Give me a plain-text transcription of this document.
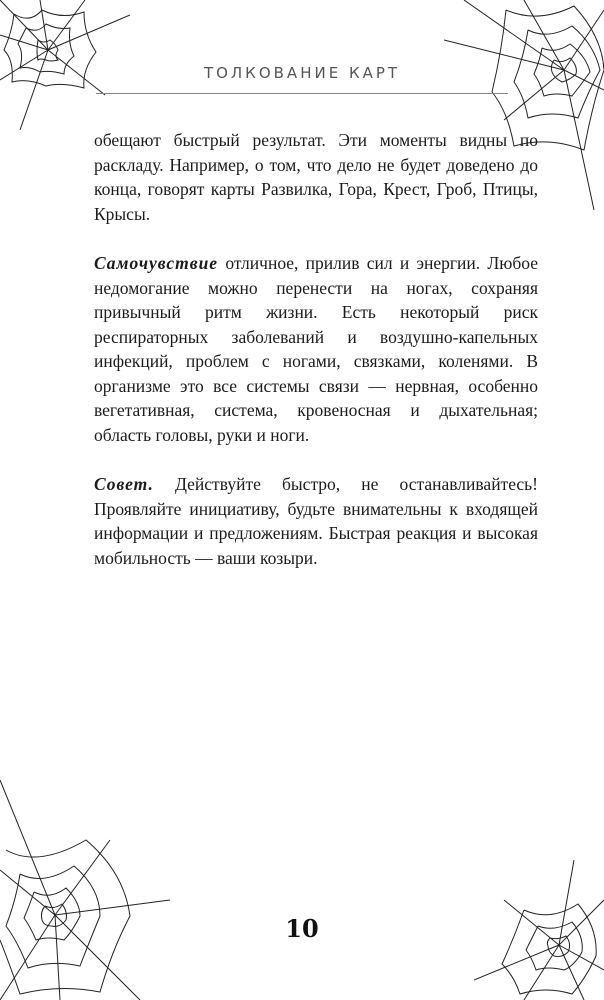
ТОЛКОВАНИЕ КАРТ

обещают быстрый результат. Эти моменты видны по раскладу. Например, о том, что дело не будет доведено до конца, говорят карты Развилка, Гора, Крест, Гроб, Птицы, Крысы.

Самочувствие отличное, прилив сил и энергии. Любое недомогание можно перенести на ногах, сохраняя привычный ритм жизни. Есть некоторый риск респираторных заболеваний и воздушно-капельных инфекций, проблем с ногами, связками, коленями. В организме это все системы связи — нервная, особенно вегетативная, система, кровеносная и дыхательная; область головы, руки и ноги.

Совет. Действуйте быстро, не останавливайтесь! Проявляйте инициативу, будьте внимательны к входящей информации и предложениям. Быстрая реакция и высокая мобильность — ваши козыри.

10
